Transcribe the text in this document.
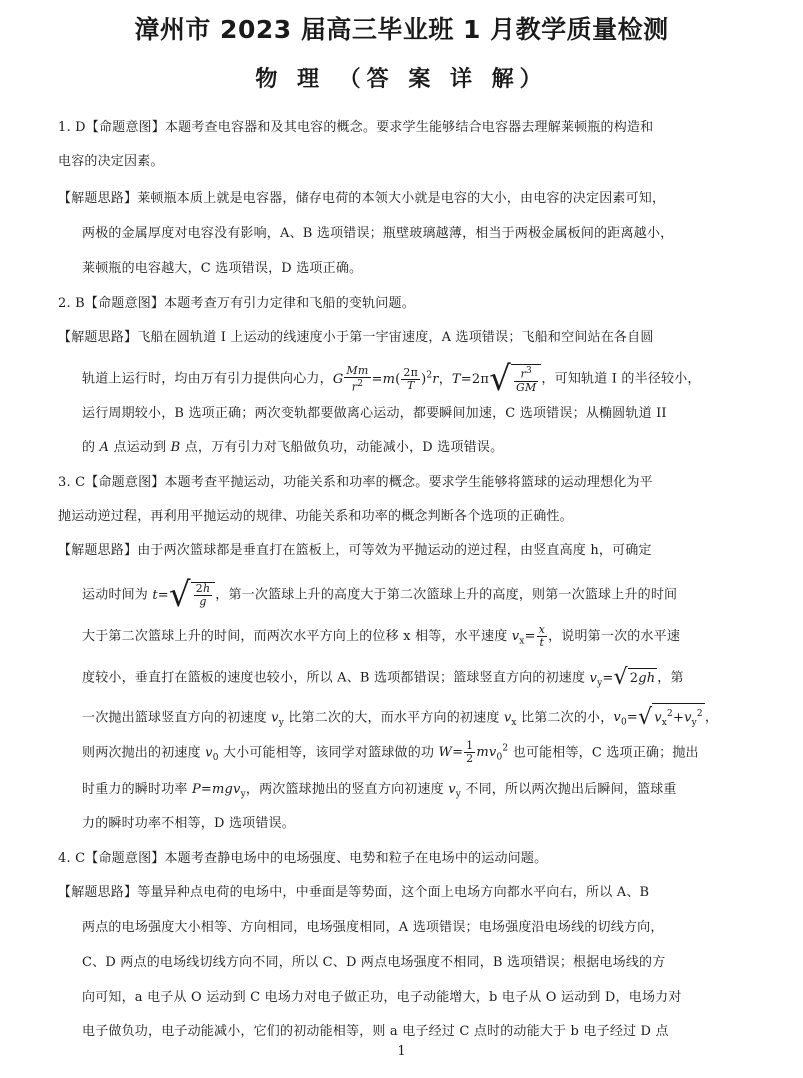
漳州市 2023 届高三毕业班 1 月教学质量检测
物 理 （答 案 详 解）
1. D【命题意图】本题考查电容器和及其电容的概念。要求学生能够结合电容器去理解莱顿瓶的构造和
电容的决定因素。
【解题思路】莱顿瓶本质上就是电容器，储存电荷的本领大小就是电容的大小，由电容的决定因素可知，
两极的金属厚度对电容没有影响，A、B 选项错误；瓶壁玻璃越薄，相当于两极金属板间的距离越小，
莱顿瓶的电容越大，C 选项错误，D 选项正确。
2. B【命题意图】本题考查万有引力定律和飞船的变轨问题。
【解题思路】飞船在圆轨道 I 上运动的线速度小于第一宇宙速度，A 选项错误；飞船和空间站在各自圆
轨道上运行时，均由万有引力提供向心力，G $\frac{Mm}{r^2} =m( \frac{2\pi}{T} )^2r$，$T=2\pi√ \frac{r^3}{GM}$ ，可知轨道 I 的半径较小，
运行周期较小，B 选项正确；两次变轨都要做离心运动，都要瞬间加速，C 选项错误；从椭圆轨道 II
的 A 点运动到 B 点，万有引力对飞船做负功，动能减小，D 选项错误。
3. C【命题意图】本题考查平抛运动，功能关系和功率的概念。要求学生能够将篮球的运动理想化为平
抛运动逆过程，再利用平抛运动的规律、功能关系和功率的概念判断各个选项的正确性。
【解题思路】由于两次篮球都是垂直打在篮板上，可等效为平抛运动的逆过程，由竖直高度 h，可确定
运动时间为 $t=√ \frac{2h}{g}$ ，第一次篮球上升的高度大于第二次篮球上升的高度，则第一次篮球上升的时间
大于第二次篮球上升的时间，而两次水平方向上的位移 x 相等，水平速度 $v_x= \frac{x}{t}$ ，说明第一次的水平速
度较小，垂直打在篮板的速度也较小，所以 A、B 选项都错误；篮球竖直方向的初速度 $v_y=√$ 2gh ，第
一次抛出篮球竖直方向的初速度 $v_y$ 比第二次的大，而水平方向的初速度 $v_x$ 比第二次的小，$v_0=√$ $v_x^2+v_y^2$ ，
则两次抛出的初速度 $v_0$ 大小可能相等，该同学对篮球做的功 $W= \frac{1}{2} mv_0^2$ 也可能相等，C 选项正确；抛出
时重力的瞬时功率 P=mgv$_y$，两次篮球抛出的竖直方向初速度 $v_y$ 不同，所以两次抛出后瞬间，篮球重
力的瞬时功率不相等，D 选项错误。
4. C【命题意图】本题考查静电场中的电场强度、电势和粒子在电场中的运动问题。
【解题思路】等量异种点电荷的电场中，中垂面是等势面，这个面上电场方向都水平向右，所以 A、B
两点的电场强度大小相等、方向相同，电场强度相同，A 选项错误；电场强度沿电场线的切线方向，
C、D 两点的电场线切线方向不同，所以 C、D 两点电场强度不相同，B 选项错误；根据电场线的方
向可知，a 电子从 O 运动到 C 电场力对电子做正功，电子动能增大，b 电子从 O 运动到 D，电场力对
电子做负功，电子动能减小，它们的初动能相等，则 a 电子经过 C 点时的动能大于 b 电子经过 D 点
1
